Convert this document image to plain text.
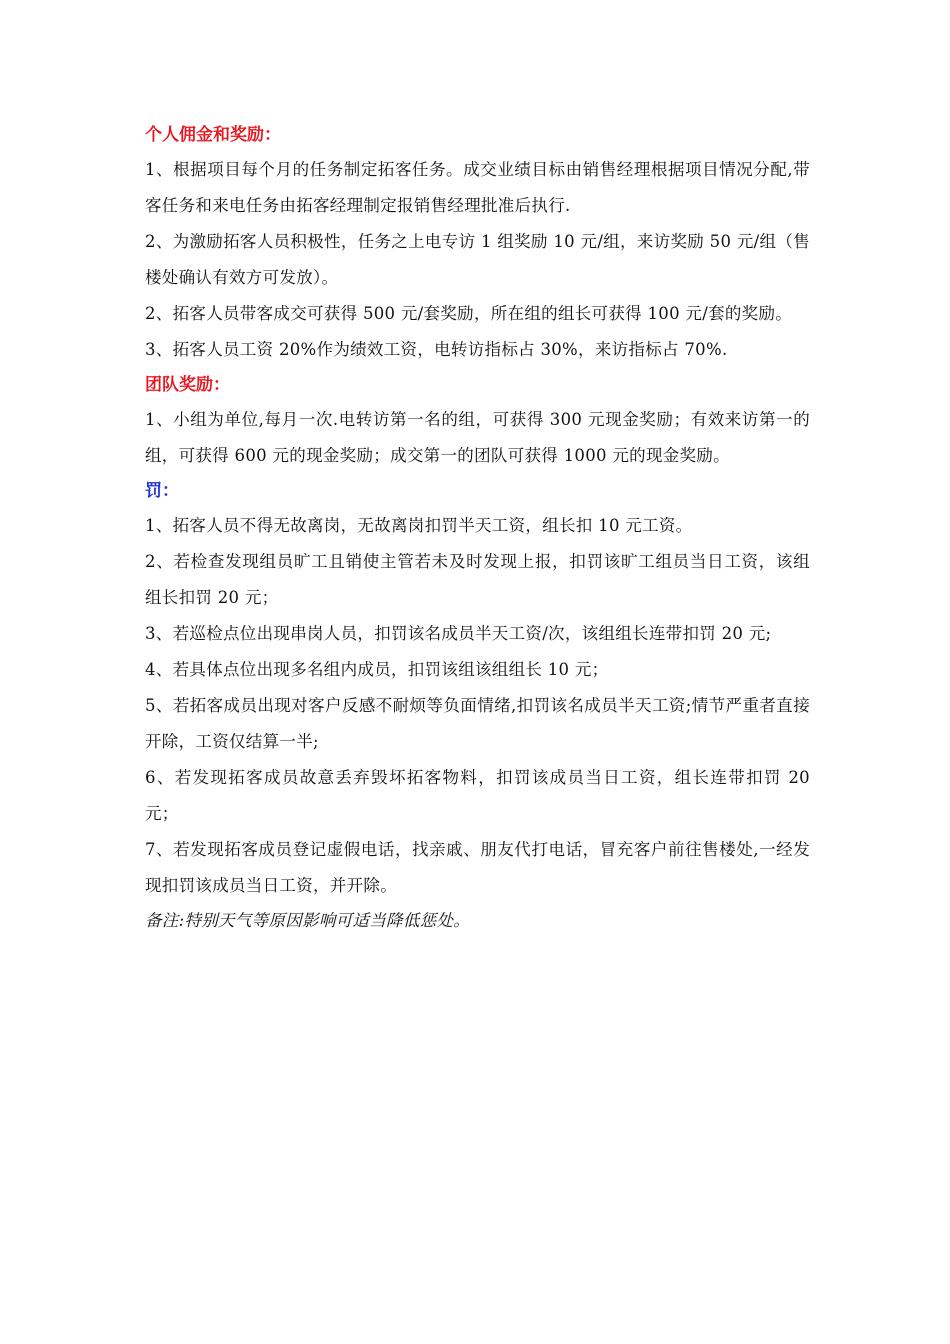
个人佣金和奖励：

1、根据项目每个月的任务制定拓客任务。成交业绩目标由销售经理根据项目情况分配,带客任务和来电任务由拓客经理制定报销售经理批准后执行.

2、为激励拓客人员积极性，任务之上电专访 1 组奖励 10 元/组，来访奖励 50 元/组（售楼处确认有效方可发放）。

2、拓客人员带客成交可获得 500 元/套奖励，所在组的组长可获得 100 元/套的奖励。

3、拓客人员工资 20%作为绩效工资，电转访指标占 30%，来访指标占 70%.

团队奖励：

1、小组为单位,每月一次.电转访第一名的组，可获得 300 元现金奖励；有效来访第一的组，可获得 600 元的现金奖励；成交第一的团队可获得 1000 元的现金奖励。

罚：

1、拓客人员不得无故离岗，无故离岗扣罚半天工资，组长扣 10 元工资。

2、若检查发现组员旷工且销使主管若未及时发现上报，扣罚该旷工组员当日工资，该组组长扣罚 20 元；

3、若巡检点位出现串岗人员，扣罚该名成员半天工资/次，该组组长连带扣罚 20 元;

4、若具体点位出现多名组内成员，扣罚该组该组组长 10 元；

5、若拓客成员出现对客户反感不耐烦等负面情绪,扣罚该名成员半天工资;情节严重者直接开除，工资仅结算一半;

6、若发现拓客成员故意丢弃毁坏拓客物料，扣罚该成员当日工资，组长连带扣罚 20 元；

7、若发现拓客成员登记虚假电话，找亲戚、朋友代打电话，冒充客户前往售楼处,一经发现扣罚该成员当日工资，并开除。

备注:特别天气等原因影响可适当降低惩处。
